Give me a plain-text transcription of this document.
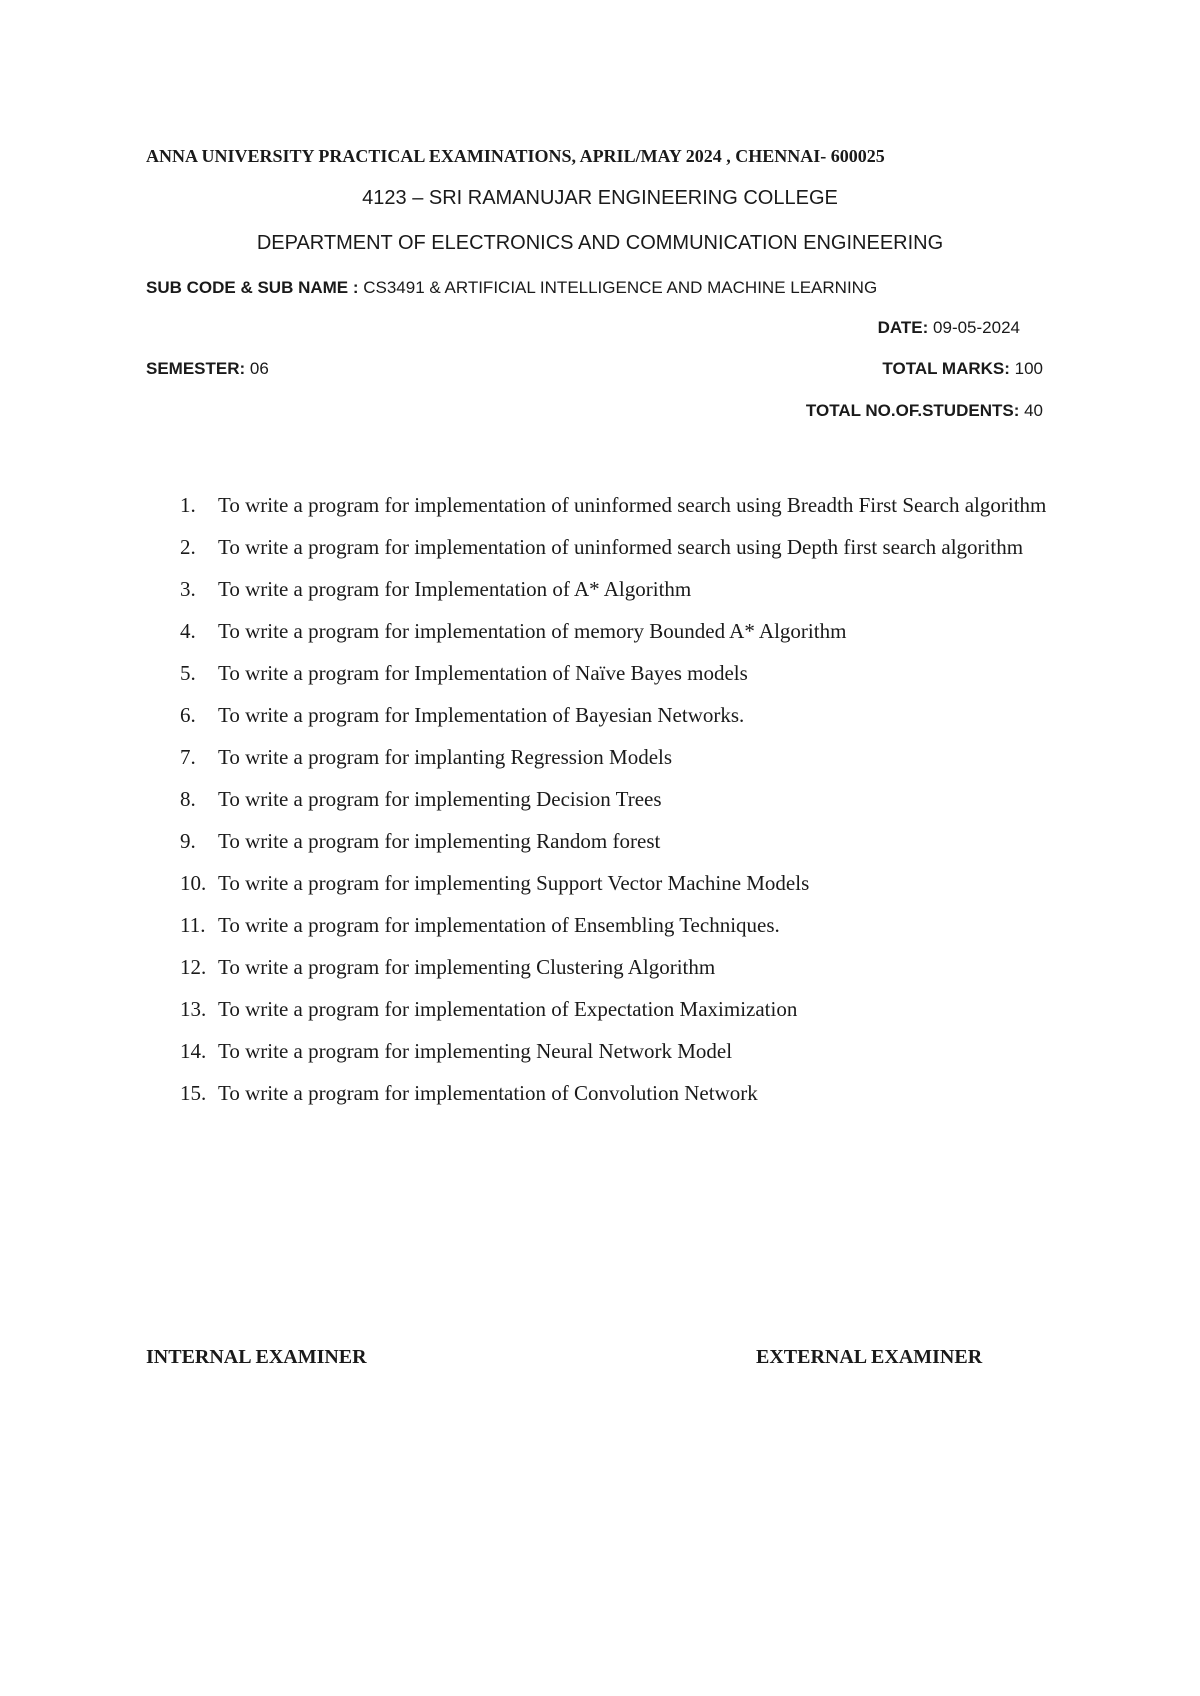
ANNA UNIVERSITY PRACTICAL EXAMINATIONS, APRIL/MAY 2024 , CHENNAI- 600025
4123 – SRI RAMANUJAR ENGINEERING COLLEGE
DEPARTMENT OF ELECTRONICS AND COMMUNICATION ENGINEERING
SUB CODE & SUB NAME : CS3491 & ARTIFICIAL INTELLIGENCE AND MACHINE LEARNING
DATE: 09-05-2024
SEMESTER: 06	TOTAL MARKS: 100
TOTAL NO.OF.STUDENTS: 40
1. To write a program for implementation of uninformed search using Breadth First Search algorithm
2. To write a program for implementation of uninformed search using Depth first search algorithm
3. To write a program for Implementation of A* Algorithm
4. To write a program for implementation of memory Bounded A* Algorithm
5. To write a program for Implementation of Naïve Bayes models
6. To write a program for Implementation of Bayesian Networks.
7. To write a program for implanting Regression Models
8. To write a program for implementing Decision Trees
9. To write a program for implementing Random forest
10. To write a program for implementing Support Vector Machine Models
11. To write a program for implementation of Ensembling Techniques.
12. To write a program for implementing Clustering Algorithm
13. To write a program for implementation of Expectation Maximization
14. To write a program for implementing Neural Network Model
15. To write a program for implementation of Convolution Network
INTERNAL EXAMINER	EXTERNAL EXAMINER
